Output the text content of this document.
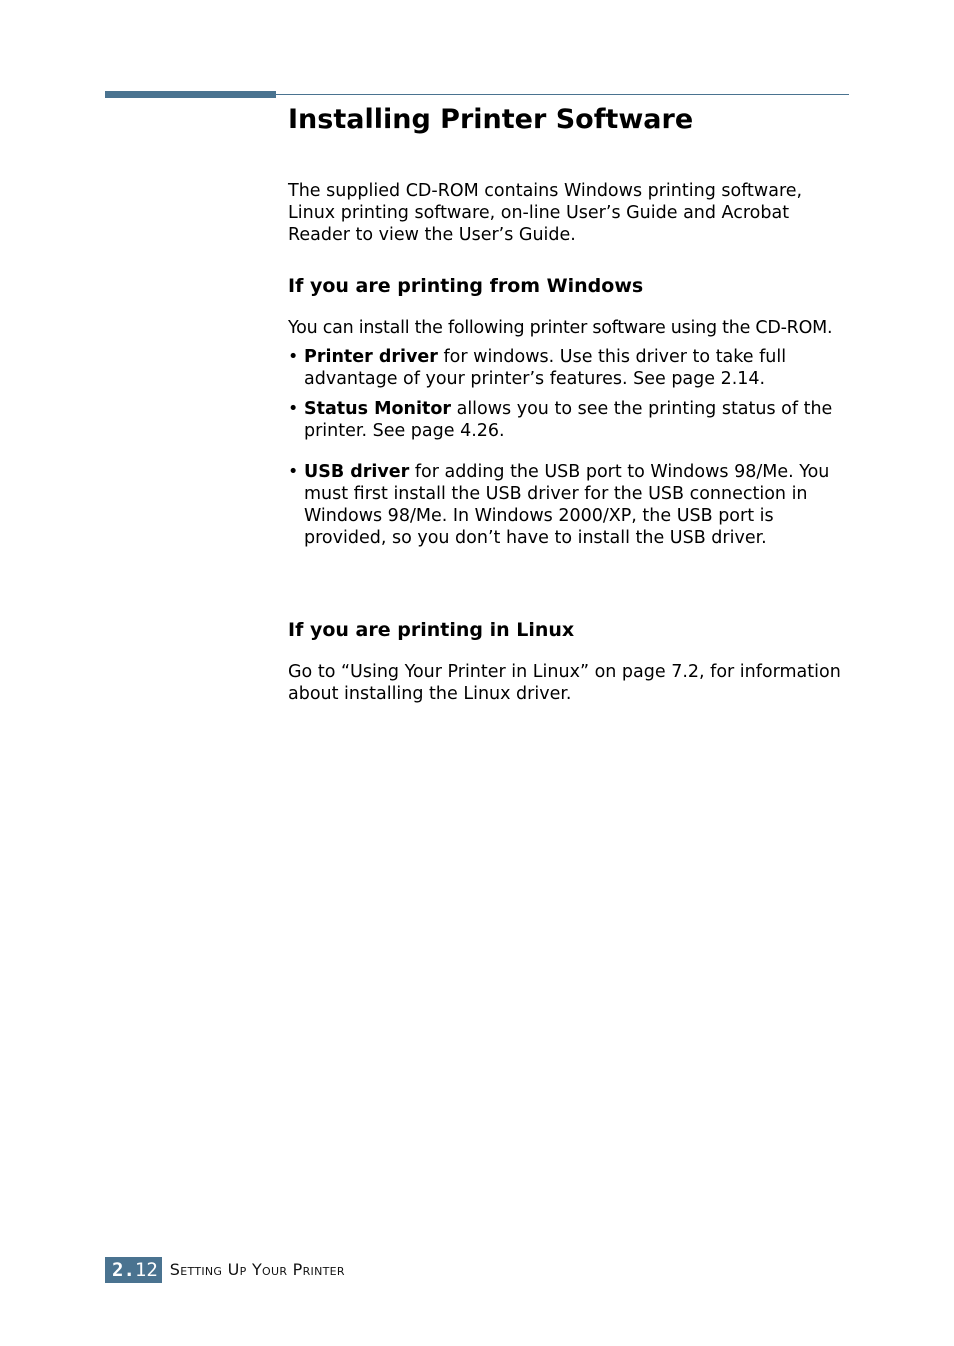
Installing Printer Software

The supplied CD-ROM contains Windows printing software, Linux printing software, on-line User’s Guide and Acrobat Reader to view the User’s Guide.

If you are printing from Windows

You can install the following printer software using the CD-ROM.

• Printer driver for windows. Use this driver to take full advantage of your printer’s features. See page 2.14.
• Status Monitor allows you to see the printing status of the printer. See page 4.26.
• USB driver for adding the USB port to Windows 98/Me. You must first install the USB driver for the USB connection in Windows 98/Me. In Windows 2000/XP, the USB port is provided, so you don’t have to install the USB driver.
If you are printing in Linux

Go to “Using Your Printer in Linux” on page 7.2, for information about installing the Linux driver.

2. 12 Setting Up Your Printer
